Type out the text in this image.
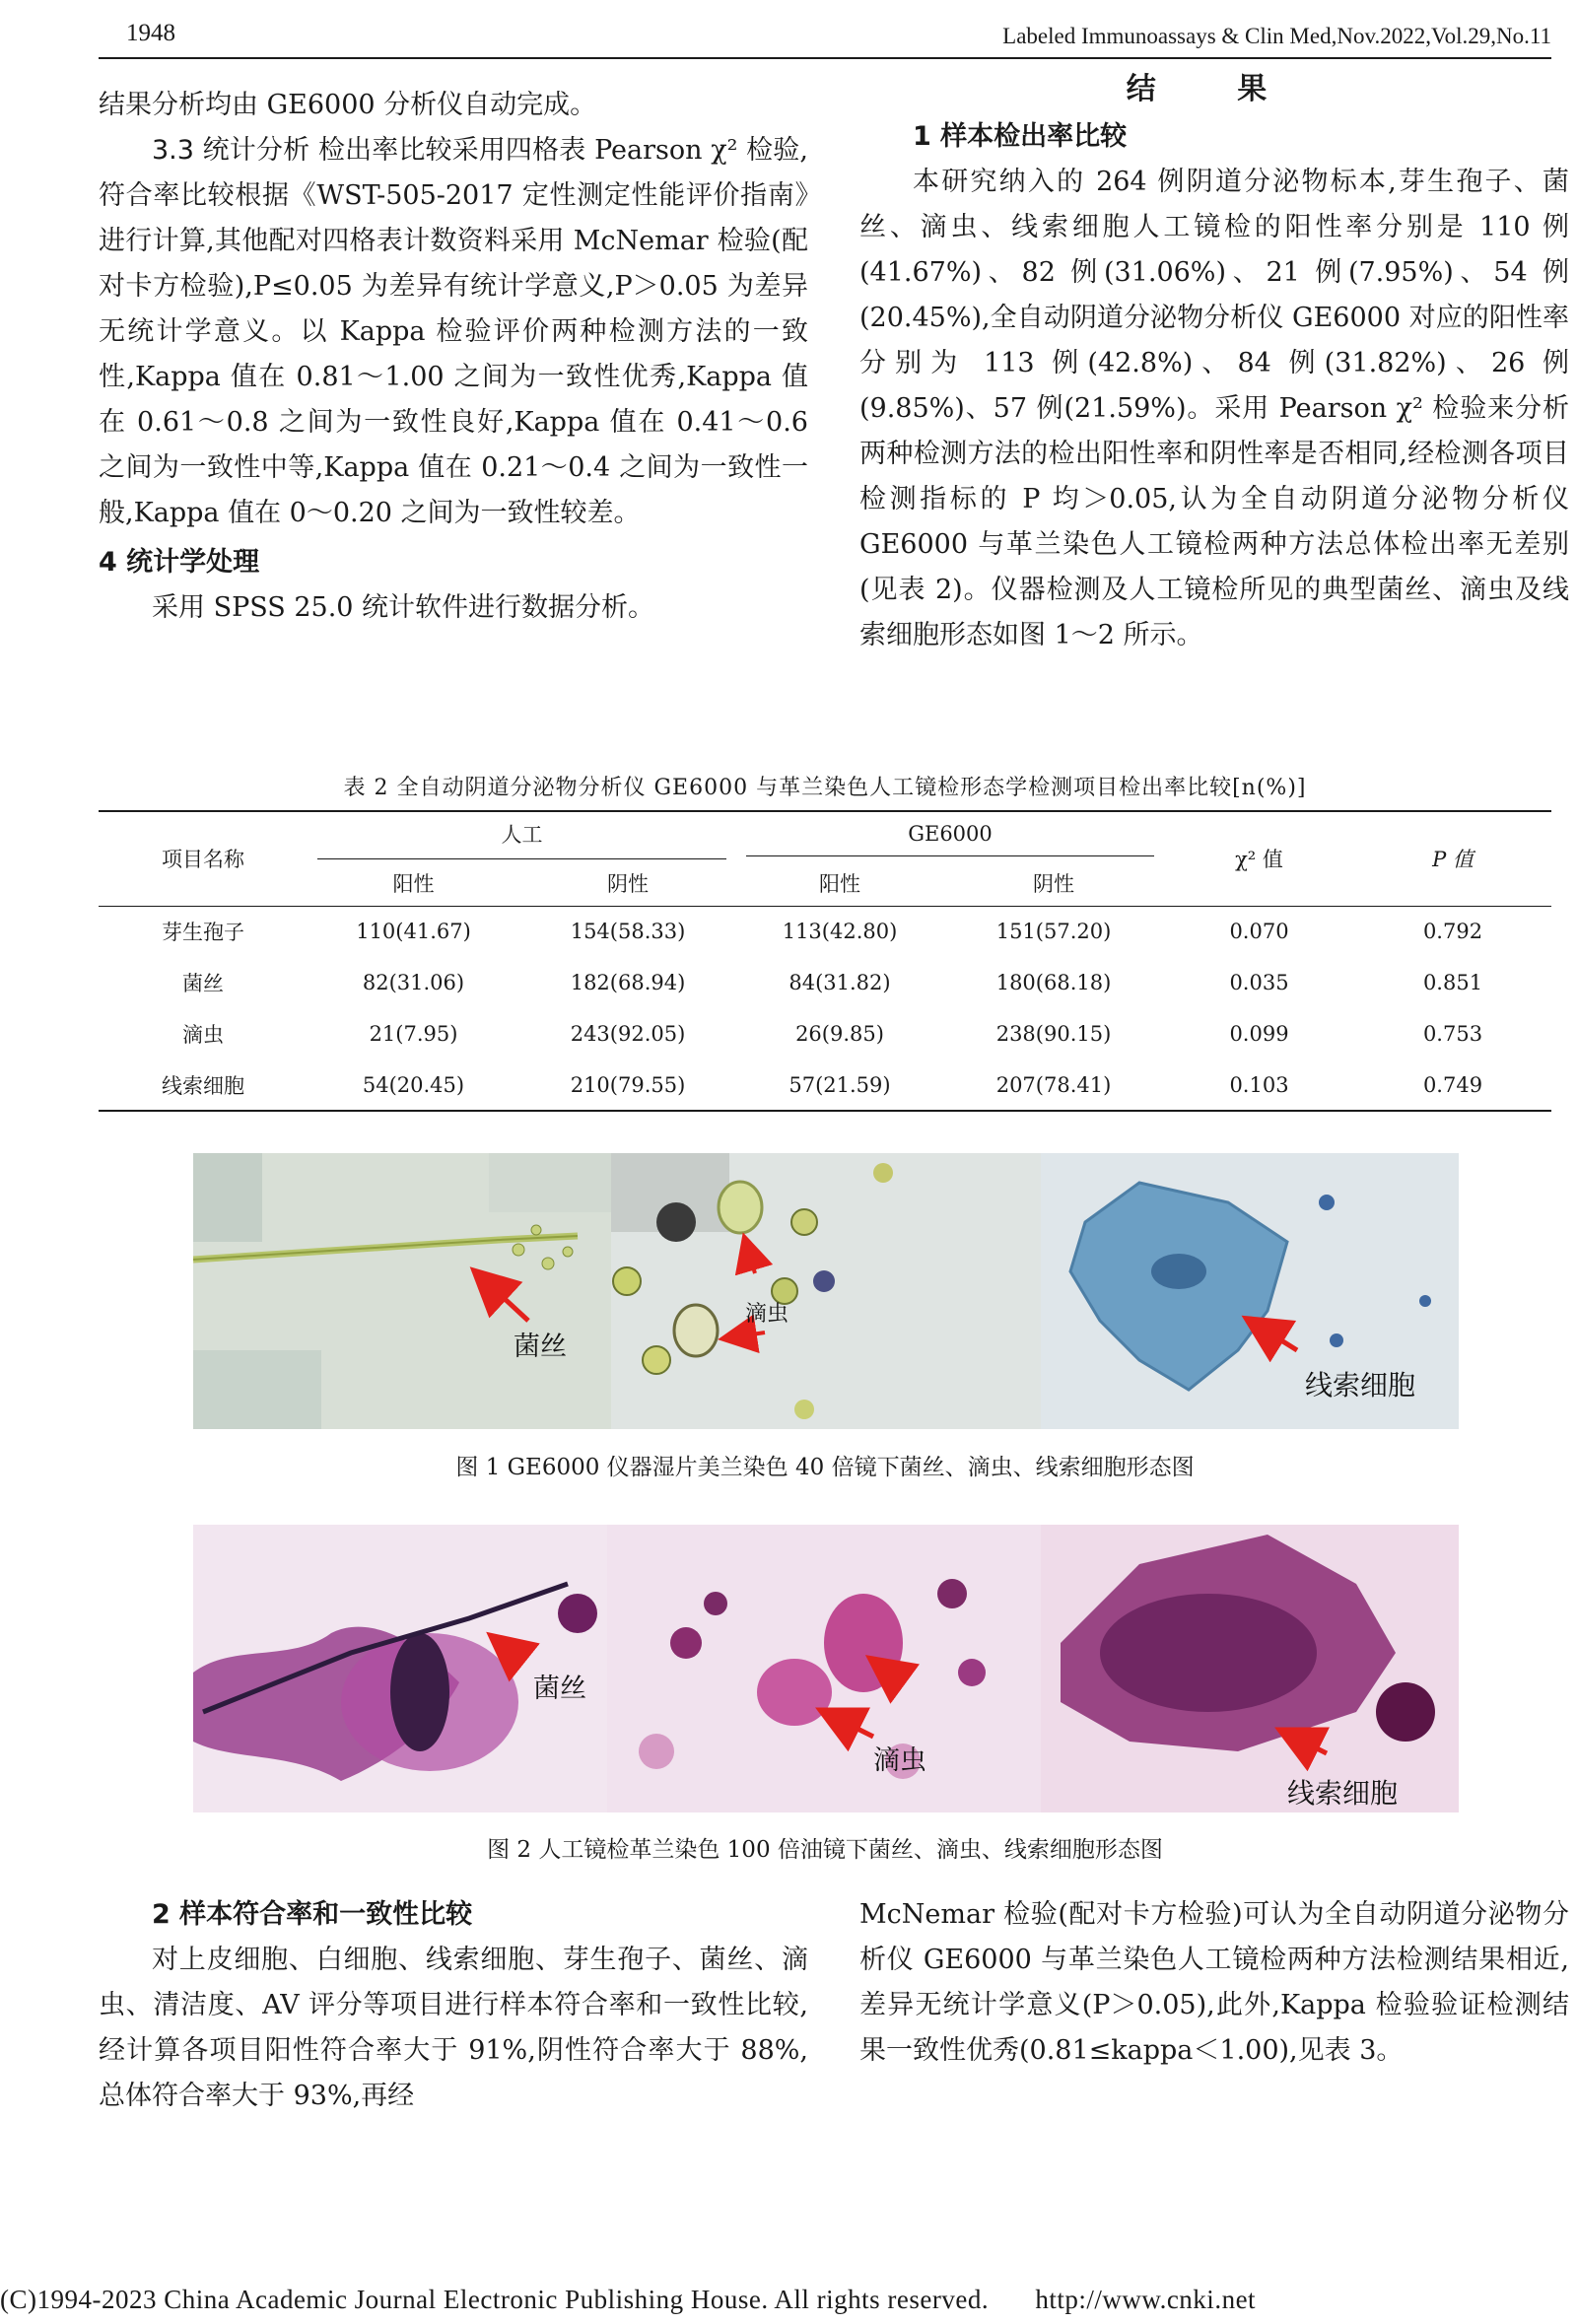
1948	Labeled Immunoassays & Clin Med,Nov.2022,Vol.29,No.11

结果分析均由 GE6000 分析仪自动完成。

3.3 统计分析 检出率比较采用四格表 Pearson χ² 检验,符合率比较根据《WST-505-2017 定性测定性能评价指南》进行计算,其他配对四格表计数资料采用 McNemar 检验(配对卡方检验),P≤0.05 为差异有统计学意义,P＞0.05 为差异无统计学意义。以 Kappa 检验评价两种检测方法的一致性,Kappa 值在 0.81～1.00 之间为一致性优秀,Kappa 值在 0.61～0.8 之间为一致性良好,Kappa 值在 0.41～0.6 之间为一致性中等,Kappa 值在 0.21～0.4 之间为一致性一般,Kappa 值在 0～0.20 之间为一致性较差。

4 统计学处理

采用 SPSS 25.0 统计软件进行数据分析。

结 果

1 样本检出率比较

本研究纳入的 264 例阴道分泌物标本,芽生孢子、菌丝、滴虫、线索细胞人工镜检的阳性率分别是 110 例(41.67%)、82 例(31.06%)、21 例(7.95%)、54 例(20.45%),全自动阴道分泌物分析仪 GE6000 对应的阳性率分别为 113 例(42.8%)、84 例(31.82%)、26 例(9.85%)、57 例(21.59%)。采用 Pearson χ² 检验来分析两种检测方法的检出阳性率和阴性率是否相同,经检测各项目检测指标的 P 均＞0.05,认为全自动阴道分泌物分析仪 GE6000 与革兰染色人工镜检两种方法总体检出率无差别(见表 2)。仪器检测及人工镜检所见的典型菌丝、滴虫及线索细胞形态如图 1～2 所示。

表 2 全自动阴道分泌物分析仪 GE6000 与革兰染色人工镜检形态学检测项目检出率比较[n(%)]
项目名称	人工		GE6000		χ² 值	P 值
	阳性	阴性	阳性	阴性		
芽生孢子	110(41.67)	154(58.33)	113(42.80)	151(57.20)	0.070	0.792
菌丝	82(31.06)	182(68.94)	84(31.82)	180(68.18)	0.035	0.851
滴虫	21(7.95)	243(92.05)	26(9.85)	238(90.15)	0.099	0.753
线索细胞	54(20.45)	210(79.55)	57(21.59)	207(78.41)	0.103	0.749
菌丝
滴虫
线索细胞
图 1 GE6000 仪器湿片美兰染色 40 倍镜下菌丝、滴虫、线索细胞形态图
菌丝
滴虫
线索细胞
图 2 人工镜检革兰染色 100 倍油镜下菌丝、滴虫、线索细胞形态图

2 样本符合率和一致性比较

对上皮细胞、白细胞、线索细胞、芽生孢子、菌丝、滴虫、清洁度、AV 评分等项目进行样本符合率和一致性比较,经计算各项目阳性符合率大于 91%,阴性符合率大于 88%,总体符合率大于 93%,再经

McNemar 检验(配对卡方检验)可认为全自动阴道分泌物分析仪 GE6000 与革兰染色人工镜检两种方法检测结果相近,差异无统计学意义(P＞0.05),此外,Kappa 检验验证检测结果一致性优秀(0.81≤kappa＜1.00),见表 3。

(C)1994-2023 China Academic Journal Electronic Publishing House. All rights reserved. http://www.cnki.net
